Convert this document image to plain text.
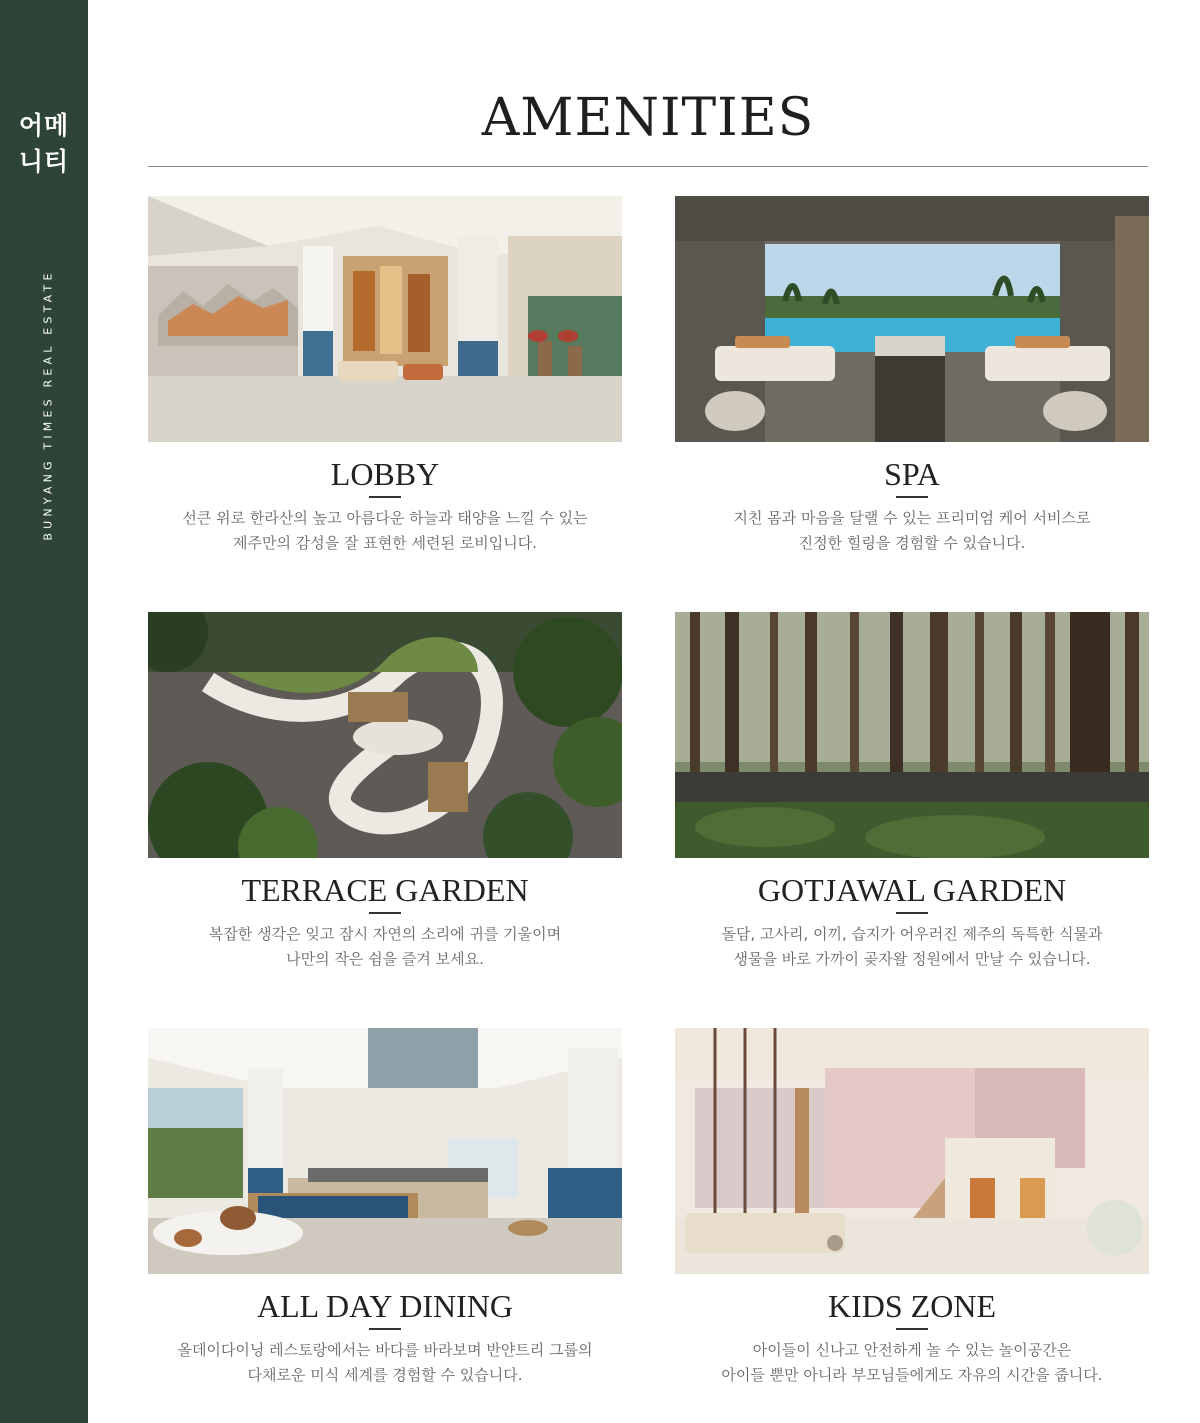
어메
니티
BUNYANG TIMES REAL ESTATE
AMENITIES
LOBBY
선큰 위로 한라산의 높고 아름다운 하늘과 태양을 느낄 수 있는
제주만의 감성을 잘 표현한 세련된 로비입니다.
SPA
지친 몸과 마음을 달랠 수 있는 프리미엄 케어 서비스로
진정한 힐링을 경험할 수 있습니다.
TERRACE GARDEN
복잡한 생각은 잊고 잠시 자연의 소리에 귀를 기울이며
나만의 작은 쉼을 즐겨 보세요.
GOTJAWAL GARDEN
돌담, 고사리, 이끼, 습지가 어우러진 제주의 독특한 식물과
생물을 바로 가까이 곶자왈 정원에서 만날 수 있습니다.
ALL DAY DINING
올데이다이닝 레스토랑에서는 바다를 바라보며 반얀트리 그룹의
다채로운 미식 세계를 경험할 수 있습니다.
KIDS ZONE
아이들이 신나고 안전하게 놀 수 있는 놀이공간은
아이들 뿐만 아니라 부모님들에게도 자유의 시간을 줍니다.
